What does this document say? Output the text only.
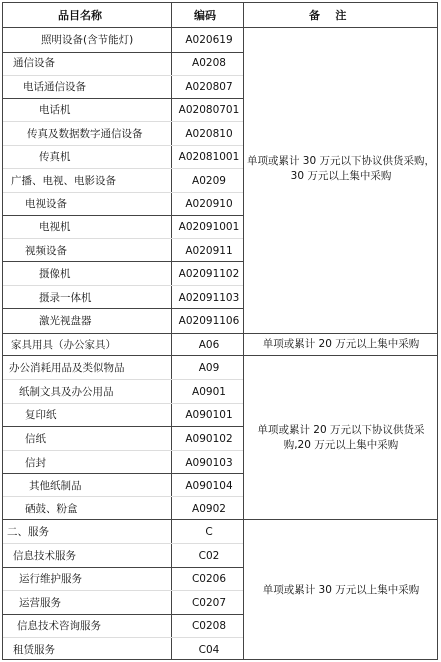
品目名称	编码	备    注
照明设备(含节能灯)
通信设备
电话通信设备
电话机
传真及数据数字通信设备
传真机
广播、电视、电影设备
电视设备
电视机
视频设备
摄像机
摄录一体机
激光视盘器
家具用具（办公家具）
办公消耗用品及类似物品
纸制文具及办公用品
复印纸
信纸
信封
其他纸制品
硒鼓、粉盒
二、服务
信息技术服务
运行维护服务
运营服务
信息技术咨询服务
租赁服务
A020619
A0208
A020807
A02080701
A020810
A02081001
A0209
A020910
A02091001
A020911
A02091102
A02091103
A02091106
A06
A09
A0901
A090101
A090102
A090103
A090104
A0902
C
C02
C0206
C0207
C0208
C04
单项或累计 30 万元以下协议供货采购，30 万元以上集中采购
单项或累计 20 万元以上集中采购
单项或累计 20 万元以下协议供货采购,20 万元以上集中采购
单项或累计 30 万元以上集中采购
